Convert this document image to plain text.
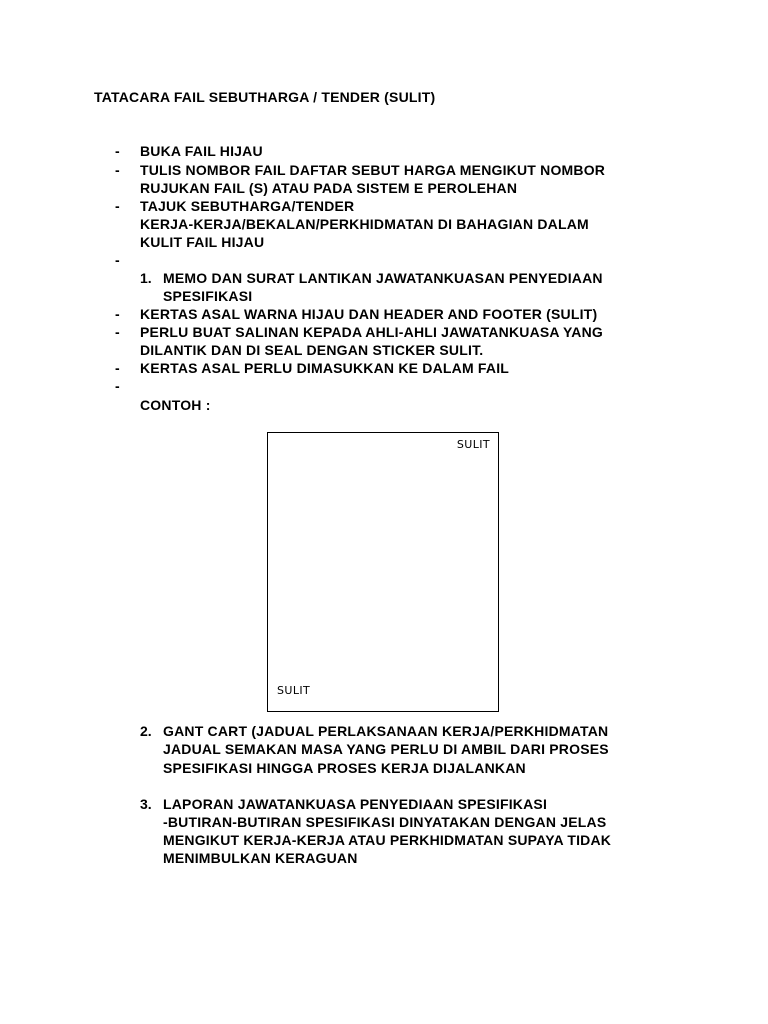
TATACARA FAIL SEBUTHARGA / TENDER (SULIT)
- BUKA FAIL HIJAU
- TULIS NOMBOR FAIL DAFTAR SEBUT HARGA MENGIKUT NOMBOR
RUJUKAN FAIL (S) ATAU PADA SISTEM E PEROLEHAN
- TAJUK SEBUTHARGA/TENDER
KERJA-KERJA/BEKALAN/PERKHIDMATAN DI BAHAGIAN DALAM
KULIT FAIL HIJAU
-
1. MEMO DAN SURAT LANTIKAN JAWATANKUASAN PENYEDIAAN
SPESIFIKASI
- KERTAS ASAL WARNA HIJAU DAN HEADER AND FOOTER (SULIT)
- PERLU BUAT SALINAN KEPADA AHLI-AHLI JAWATANKUASA YANG
DILANTIK DAN DI SEAL DENGAN STICKER SULIT.
- KERTAS ASAL PERLU DIMASUKKAN KE DALAM FAIL
-
CONTOH :
SULIT
SULIT
2. GANT CART (JADUAL PERLAKSANAAN KERJA/PERKHIDMATAN
JADUAL SEMAKAN MASA YANG PERLU DI AMBIL DARI PROSES
SPESIFIKASI HINGGA PROSES KERJA DIJALANKAN
3. LAPORAN JAWATANKUASA PENYEDIAAN SPESIFIKASI
-BUTIRAN-BUTIRAN SPESIFIKASI DINYATAKAN DENGAN JELAS
MENGIKUT KERJA-KERJA ATAU PERKHIDMATAN SUPAYA TIDAK
MENIMBULKAN KERAGUAN
